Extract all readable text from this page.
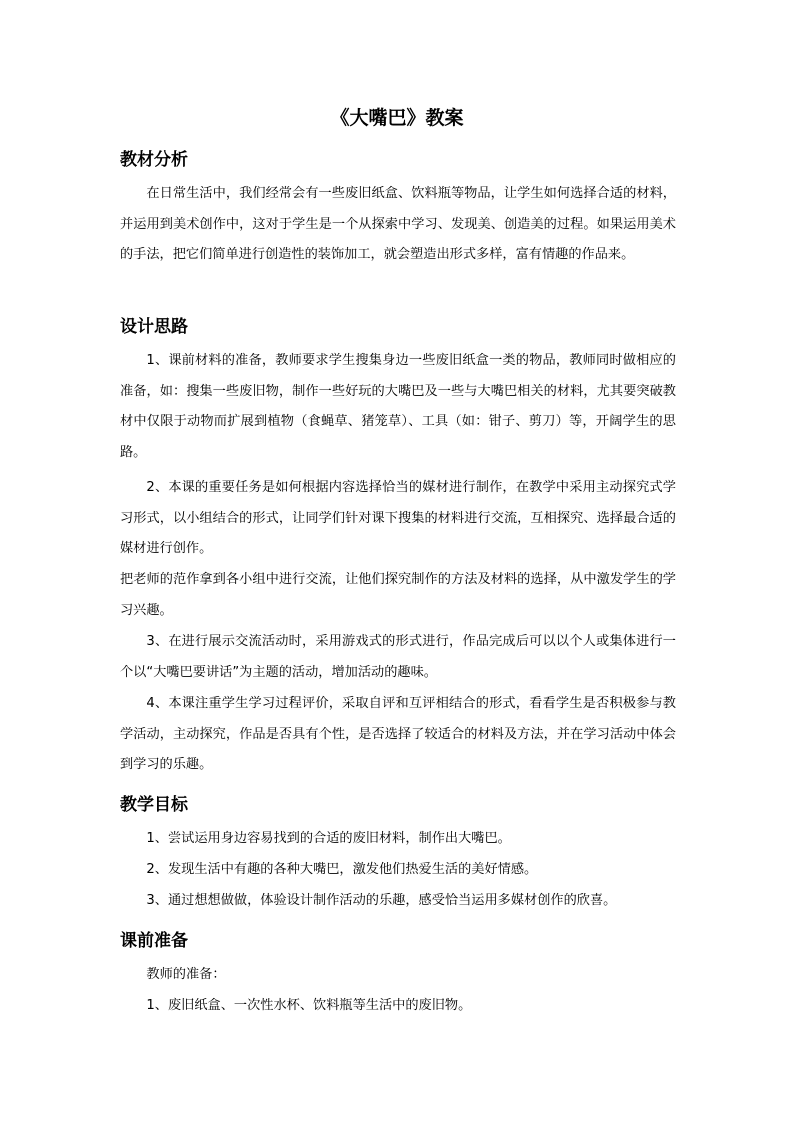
《大嘴巴》教案
教材分析

在日常生活中，我们经常会有一些废旧纸盒、饮料瓶等物品，让学生如何选择合适的材料，并运用到美术创作中，这对于学生是一个从探索中学习、发现美、创造美的过程。如果运用美术的手法，把它们简单进行创造性的装饰加工，就会塑造出形式多样，富有情趣的作品来。

设计思路

1、课前材料的准备，教师要求学生搜集身边一些废旧纸盒一类的物品，教师同时做相应的准备，如：搜集一些废旧物，制作一些好玩的大嘴巴及一些与大嘴巴相关的材料，尤其要突破教材中仅限于动物而扩展到植物（食蝇草、猪笼草）、工具（如：钳子、剪刀）等，开阔学生的思路。

2、本课的重要任务是如何根据内容选择恰当的媒材进行制作，在教学中采用主动探究式学习形式，以小组结合的形式，让同学们针对课下搜集的材料进行交流，互相探究、选择最合适的媒材进行创作。

把老师的范作拿到各小组中进行交流，让他们探究制作的方法及材料的选择，从中激发学生的学习兴趣。

3、在进行展示交流活动时，采用游戏式的形式进行，作品完成后可以以个人或集体进行一个以“大嘴巴要讲话”为主题的活动，增加活动的趣味。

4、本课注重学生学习过程评价，采取自评和互评相结合的形式，看看学生是否积极参与教学活动，主动探究，作品是否具有个性，是否选择了较适合的材料及方法，并在学习活动中体会到学习的乐趣。

教学目标

1、尝试运用身边容易找到的合适的废旧材料，制作出大嘴巴。

2、发现生活中有趣的各种大嘴巴，激发他们热爱生活的美好情感。

3、通过想想做做，体验设计制作活动的乐趣，感受恰当运用多媒材创作的欣喜。

课前准备

教师的准备：

1、废旧纸盒、一次性水杯、饮料瓶等生活中的废旧物。
